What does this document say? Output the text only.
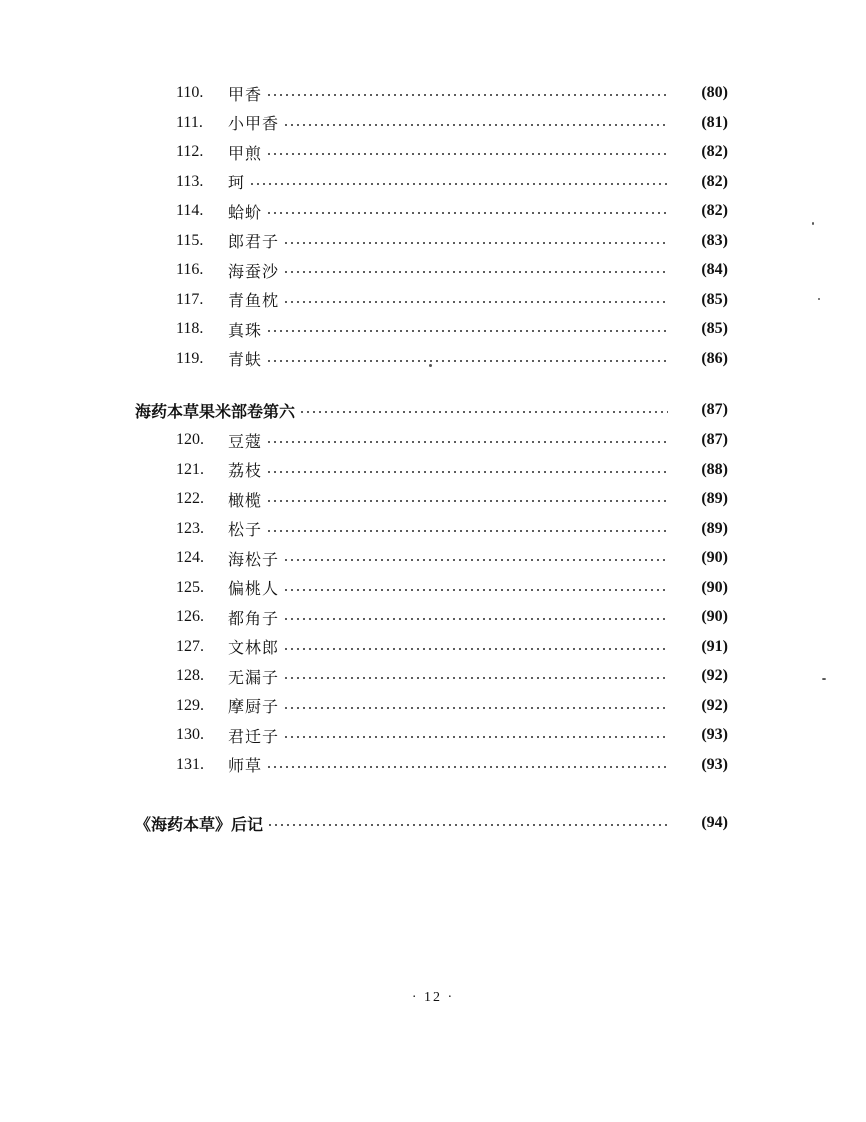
110.	甲香	(80)
111.	小甲香	(81)
112.	甲煎	(82)
113.	珂	(82)
114.	蛤蚧	(82)
115.	郎君子	(83)
116.	海蚕沙	(84)
117.	青鱼枕	(85)
118.	真珠	(85)
119.	青蚨	(86)
海药本草果米部卷第六	(87)
120.	豆蔻	(87)
121.	荔枝	(88)
122.	橄榄	(89)
123.	松子	(89)
124.	海松子	(90)
125.	偏桃人	(90)
126.	都角子	(90)
127.	文林郎	(91)
128.	无漏子	(92)
129.	摩厨子	(92)
130.	君迁子	(93)
131.	师草	(93)
《海药本草》后记	(94)
· 12 ·
